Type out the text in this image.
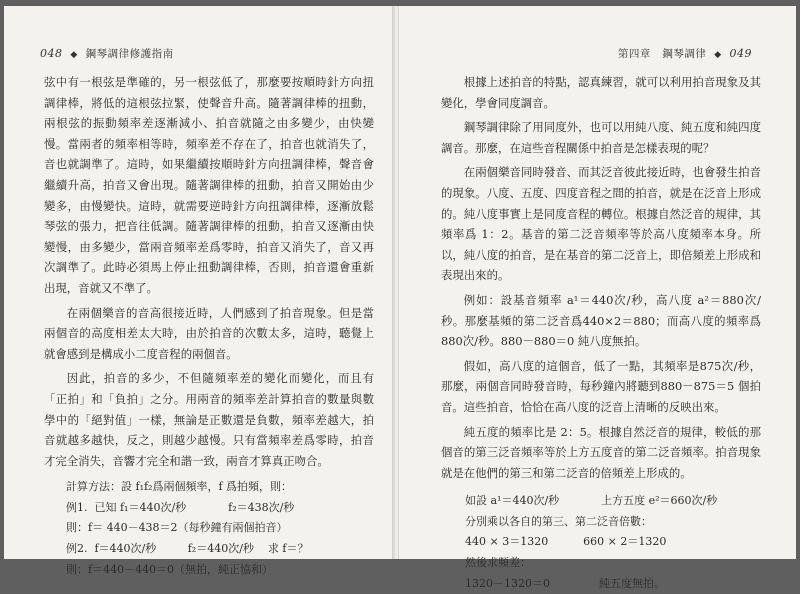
048 ◆ 鋼琴調律修護指南

弦中有一根弦是準確的，另一根弦低了，那麼要按順時針方向扭調律棒，將低的這根弦拉緊，使聲音升高。隨著調律棒的扭動，兩根弦的振動頻率差逐漸減小、拍音就隨之由多變少，由快變慢。當兩者的頻率相等時，頻率差不存在了，拍音也就消失了，音也就調準了。這時，如果繼續按順時針方向扭調律棒，聲音會繼續升高，拍音又會出現。隨著調律棒的扭動，拍音又開始由少變多，由慢變快。這時，就需要逆時針方向扭調律棒，逐漸放鬆琴弦的張力，把音往低調。隨著調律棒的扭動，拍音又逐漸由快變慢，由多變少，當兩音頻率差爲零時，拍音又消失了，音又再次調準了。此時必須馬上停止扭動調律棒，否則，拍音還會重新出現，音就又不準了。

在兩個樂音的音高很接近時，人們感到了拍音現象。但是當兩個音的高度相差太大時，由於拍音的次數太多，這時，聽覺上就會感到是構成小二度音程的兩個音。

因此，拍音的多少，不但隨頻率差的變化而變化，而且有「正拍」和「負拍」之分。用兩音的頻率差計算拍音的數量與數學中的「絕對值」一樣，無論是正數還是負數，頻率差越大，拍音就越多越快，反之，則越少越慢。只有當頻率差爲零時，拍音才完全消失，音響才完全和諧一致，兩音才算真正吻合。

計算方法：設 f₁f₂爲兩個頻率，f 爲拍頻，則：
例1.  已知 f₁＝440次/秒            f₂＝438次/秒
則：f＝ 440－438＝2（每秒鐘有兩個拍音）
例2.  f＝440次/秒         f₂＝440次/秒    求 f＝？
則：f＝440－440＝0（無拍，純正協和）
第四章 鋼琴調律 ◆ 049

根據上述拍音的特點，認真練習，就可以利用拍音現象及其變化，學會同度調音。

鋼琴調律除了用同度外，也可以用純八度、純五度和純四度調音。那麼，在這些音程關係中拍音是怎樣表現的呢？

在兩個樂音同時發音、而其泛音彼此接近時，也會發生拍音的現象。八度、五度、四度音程之間的拍音，就是在泛音上形成的。純八度事實上是同度音程的轉位。根據自然泛音的規律，其頻率爲 1：2。基音的第二泛音頻率等於高八度頻率本身。所以，純八度的拍音，是在基音的第二泛音上，即倍頻差上形成和表現出來的。

例如：設基音頻率 a¹＝440次/秒，高八度 a²＝880次/秒。那麼基頻的第二泛音爲440×2＝880；而高八度的頻率爲880次/秒。880－880＝0 純八度無拍。

假如，高八度的這個音，低了一點，其頻率是875次/秒，那麼，兩個音同時發音時，每秒鐘內將聽到880－875＝5 個拍音。這些拍音，恰恰在高八度的泛音上清晰的反映出來。

純五度的頻率比是 2：5。根據自然泛音的規律，較低的那個音的第三泛音頻率等於上方五度音的第二泛音頻率。拍音現象就是在他們的第三和第二泛音的倍頻差上形成的。

如設 a¹＝440次/秒            上方五度 e²＝660次/秒
分別乘以各自的第三、第二泛音倍數：
440 × 3＝1320          660 × 2＝1320
然後求頻差：
1320－1320＝0              純五度無拍。
